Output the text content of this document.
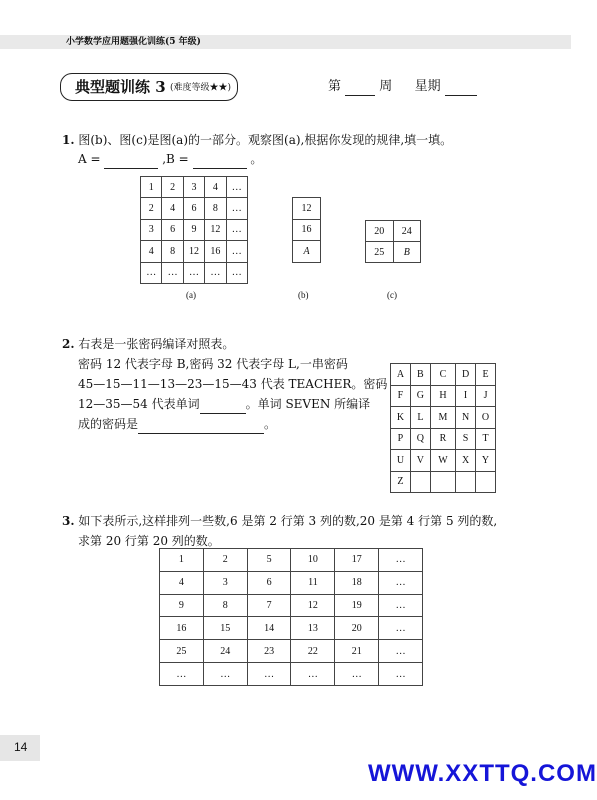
小学数学应用题强化训练(5 年级)
典型题训练 3 (难度等级★★)	第	周 星期
1. 图(b)、图(c)是图(a)的一部分。观察图(a),根据你发现的规律,填一填。
A =	,B =	。
1	2	3	4	…
2	4	6	8	…
3	6	9	12	…
4	8	12	16	…
…	…	…	…	…
(a)
12
16
A
(b)
20	24
25	B
(c)
2. 右表是一张密码编译对照表。
密码 12 代表字母 B,密码 32 代表字母 L,一串密码
45—15—11—13—23—15—43 代表 TEACHER。密码
12—35—54 代表单词	。单词 SEVEN 所编译
成的密码是	。
A	B	C	D	E
F	G	H	I	J
K	L	M	N	O
P	Q	R	S	T
U	V	W	X	Y
Z				
3. 如下表所示,这样排列一些数,6 是第 2 行第 3 列的数,20 是第 4 行第 5 列的数,
求第 20 行第 20 列的数。
1	2	5	10	17	…
4	3	6	11	18	…
9	8	7	12	19	…
16	15	14	13	20	…
25	24	23	22	21	…
…	…	…	…	…	…
14
WWW.XXTTQ.COM
